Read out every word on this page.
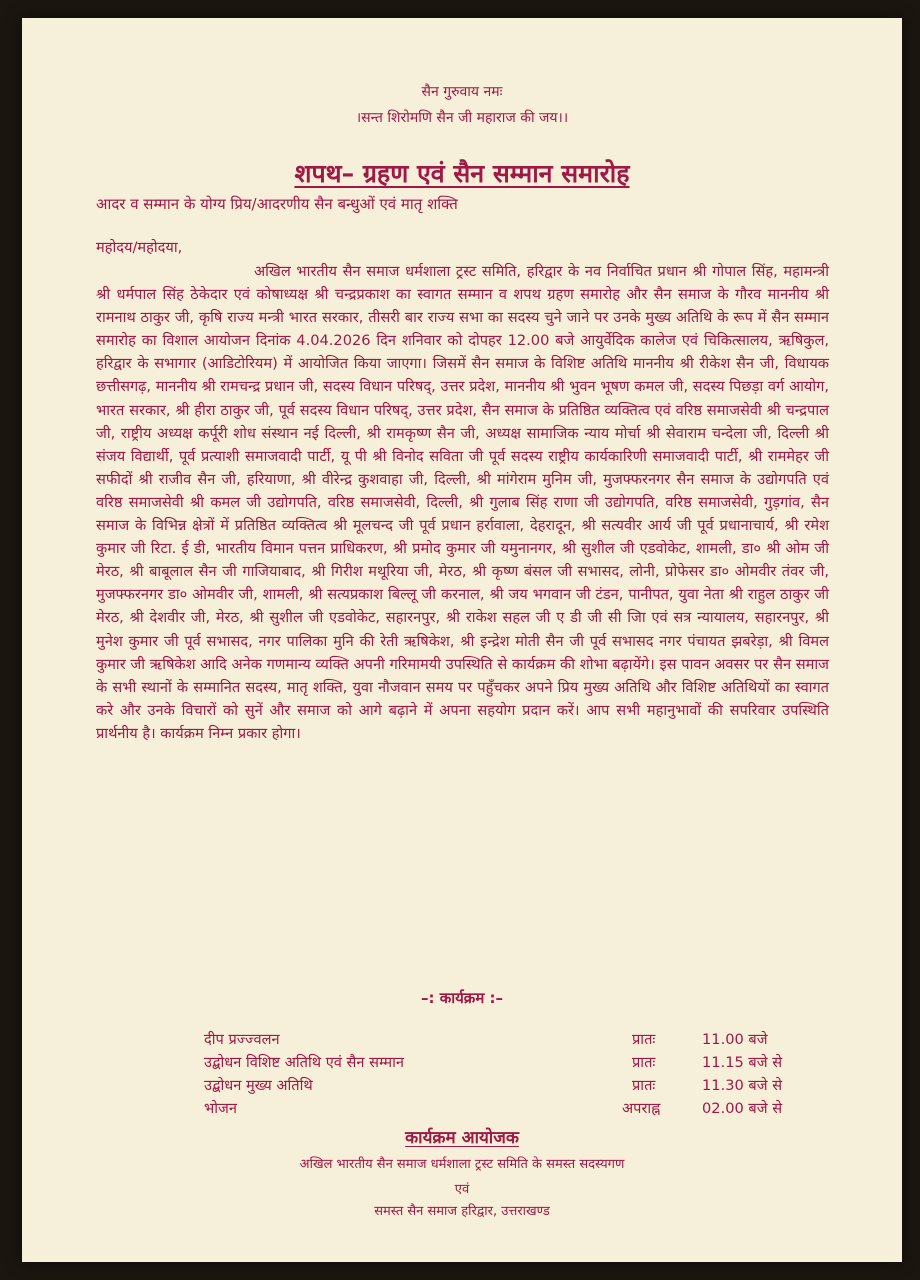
सैन गुरुवाय नमः
।सन्त शिरोमणि सैन जी महाराज की जय।।
शपथ– ग्रहण एवं सैन सम्मान समारोह
आदर व सम्मान के योग्य प्रिय/आदरणीय सैन बन्धुओं एवं मातृ शक्ति
महोदय/महोदया,
अखिल भारतीय सैन समाज धर्मशाला ट्रस्ट समिति, हरिद्वार के नव निर्वाचित प्रधान श्री गोपाल सिंह, महामन्त्री श्री धर्मपाल सिंह ठेकेदार एवं कोषाध्यक्ष श्री चन्द्रप्रकाश का स्वागत सम्मान व शपथ ग्रहण समारोह और सैन समाज के गौरव माननीय श्री रामनाथ ठाकुर जी, कृषि राज्य मन्त्री भारत सरकार, तीसरी बार राज्य सभा का सदस्य चुने जाने पर उनके मुख्य अतिथि के रूप में सैन सम्मान समारोह का विशाल आयोजन दिनांक 4.04.2026 दिन शनिवार को दोपहर 12.00 बजे आयुर्वेदिक कालेज एवं चिकित्सालय, ऋषिकुल, हरिद्वार के सभागार (आडिटोरियम) में आयोजित किया जाएगा। जिसमें सैन समाज के विशिष्ट अतिथि माननीय श्री रीकेश सैन जी, विधायक छत्तीसगढ़, माननीय श्री रामचन्द्र प्रधान जी, सदस्य विधान परिषद्, उत्तर प्रदेश, माननीय श्री भुवन भूषण कमल जी, सदस्य पिछड़ा वर्ग आयोग, भारत सरकार, श्री हीरा ठाकुर जी, पूर्व सदस्य विधान परिषद्, उत्तर प्रदेश, सैन समाज के प्रतिष्ठित व्यक्तित्व एवं वरिष्ठ समाजसेवी श्री चन्द्रपाल जी, राष्ट्रीय अध्यक्ष कर्पूरी शोध संस्थान नई दिल्ली, श्री रामकृष्ण सैन जी, अध्यक्ष सामाजिक न्याय मोर्चा श्री सेवाराम चन्देला जी, दिल्ली श्री संजय विद्यार्थी, पूर्व प्रत्याशी समाजवादी पार्टी, यू पी श्री विनोद सविता जी पूर्व सदस्य राष्ट्रीय कार्यकारिणी समाजवादी पार्टी, श्री राममेहर जी सफीदों श्री राजीव सैन जी, हरियाणा, श्री वीरेन्द्र कुशवाहा जी, दिल्ली, श्री मांगेराम मुनिम जी, मुजफ्फरनगर सैन समाज के उद्योगपति एवं वरिष्ठ समाजसेवी श्री कमल जी उद्योगपति, वरिष्ठ समाजसेवी, दिल्ली, श्री गुलाब सिंह राणा जी उद्योगपति, वरिष्ठ समाजसेवी, गुड़गांव, सैन समाज के विभिन्न क्षेत्रों में प्रतिष्ठित व्यक्तित्व श्री मूलचन्द जी पूर्व प्रधान हर्रावाला, देहरादून, श्री सत्यवीर आर्य जी पूर्व प्रधानाचार्य, श्री रमेश कुमार जी रिटा. ई डी, भारतीय विमान पत्तन प्राधिकरण, श्री प्रमोद कुमार जी यमुनानगर, श्री सुशील जी एडवोकेट, शामली, डा० श्री ओम जी मेरठ, श्री बाबूलाल सैन जी गाजियाबाद, श्री गिरीश मथूरिया जी, मेरठ, श्री कृष्ण बंसल जी सभासद, लोनी, प्रोफेसर डा० ओमवीर तंवर जी, मुजफ्फरनगर डा० ओमवीर जी, शामली, श्री सत्यप्रकाश बिल्लू जी करनाल, श्री जय भगवान जी टंडन, पानीपत, युवा नेता श्री राहुल ठाकुर जी मेरठ, श्री देशवीर जी, मेरठ, श्री सुशील जी एडवोकेट, सहारनपुर, श्री राकेश सहल जी ए डी जी सी जिा एवं सत्र न्यायालय, सहारनपुर, श्री मुनेश कुमार जी पूर्व सभासद, नगर पालिका मुनि की रेती ऋषिकेश, श्री इन्द्रेश मोती सैन जी पूर्व सभासद नगर पंचायत झबरेड़ा, श्री विमल कुमार जी ऋषिकेश आदि अनेक गणमान्य व्यक्ति अपनी गरिमामयी उपस्थिति से कार्यक्रम की शोभा बढ़ायेंगे। इस पावन अवसर पर सैन समाज के सभी स्थानों के सम्मानित सदस्य, मातृ शक्ति, युवा नौजवान समय पर पहुँचकर अपने प्रिय मुख्य अतिथि और विशिष्ट अतिथियों का स्वागत करे और उनके विचारों को सुनें और समाज को आगे बढ़ाने में अपना सहयोग प्रदान करें। आप सभी महानुभावों की सपरिवार उपस्थिति प्रार्थनीय है। कार्यक्रम निम्न प्रकार होगा।
–: कार्यक्रम :–
दीप प्रज्ज्वलन	प्रातः	11.00 बजे
उद्बोधन विशिष्ट अतिथि एवं सैन सम्मान	प्रातः	11.15 बजे से
उद्बोधन मुख्य अतिथि	प्रातः	11.30 बजे से
भोजन	अपराह्न	02.00 बजे से
कार्यक्रम आयोजक
अखिल भारतीय सैन समाज धर्मशाला ट्रस्ट समिति के समस्त सदस्यगण
एवं
समस्त सैन समाज हरिद्वार, उत्तराखण्ड
